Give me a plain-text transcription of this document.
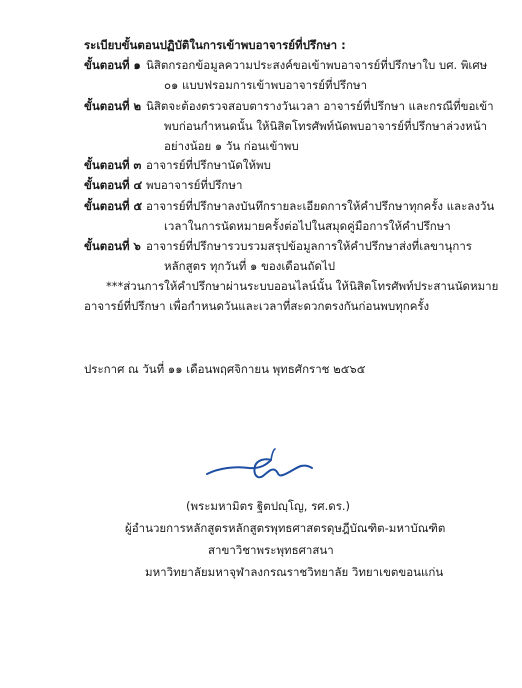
ระเบียบขั้นตอนปฏิบัติในการเข้าพบอาจารย์ที่ปรึกษา :
ขั้นตอนที่ ๑ นิสิตกรอกข้อมูลความประสงค์ขอเข้าพบอาจารย์ที่ปรึกษาใบ บศ. พิเศษ
๐๑ แบบฟรอมการเข้าพบอาจารย์ที่ปรึกษา
ขั้นตอนที่ ๒ นิสิตจะต้องตรวจสอบตารางวันเวลา อาจารย์ที่ปรึกษา และกรณีที่ขอเข้า
พบก่อนกำหนดนั้น ให้นิสิตโทรศัพท์นัดพบอาจารย์ที่ปรึกษาล่วงหน้า
อย่างน้อย ๑ วัน ก่อนเข้าพบ
ขั้นตอนที่ ๓ อาจารย์ที่ปรึกษานัดให้พบ
ขั้นตอนที่ ๔ พบอาจารย์ที่ปรึกษา
ขั้นตอนที่ ๕ อาจารย์ที่ปรึกษาลงบันทึกรายละเอียดการให้คำปรึกษาทุกครั้ง และลงวัน
เวลาในการนัดหมายครั้งต่อไปในสมุดคู่มือการให้คำปรึกษา
ขั้นตอนที่ ๖ อาจารย์ที่ปรึกษารวบรวมสรุปข้อมูลการให้คำปรึกษาส่งที่เลขานุการ
หลักสูตร ทุกวันที่ ๑ ของเดือนถัดไป
***ส่วนการให้คำปรึกษาผ่านระบบออนไลน์นั้น ให้นิสิตโทรศัพท์ประสานนัดหมาย
อาจารย์ที่ปรึกษา เพื่อกำหนดวันและเวลาที่สะดวกตรงกันก่อนพบทุกครั้ง
ประกาศ ณ วันที่ ๑๑ เดือนพฤศจิกายน พุทธศักราช ๒๕๖๕
(พระมหามิตร ฐิตปญฺโญ, รศ.ดร.)
ผู้อำนวยการหลักสูตรหลักสูตรพุทธศาสตรดุษฎีบัณฑิต-มหาบัณฑิต
สาขาวิชาพระพุทธศาสนา
มหาวิทยาลัยมหาจุฬาลงกรณราชวิทยาลัย วิทยาเขตขอนแก่น
